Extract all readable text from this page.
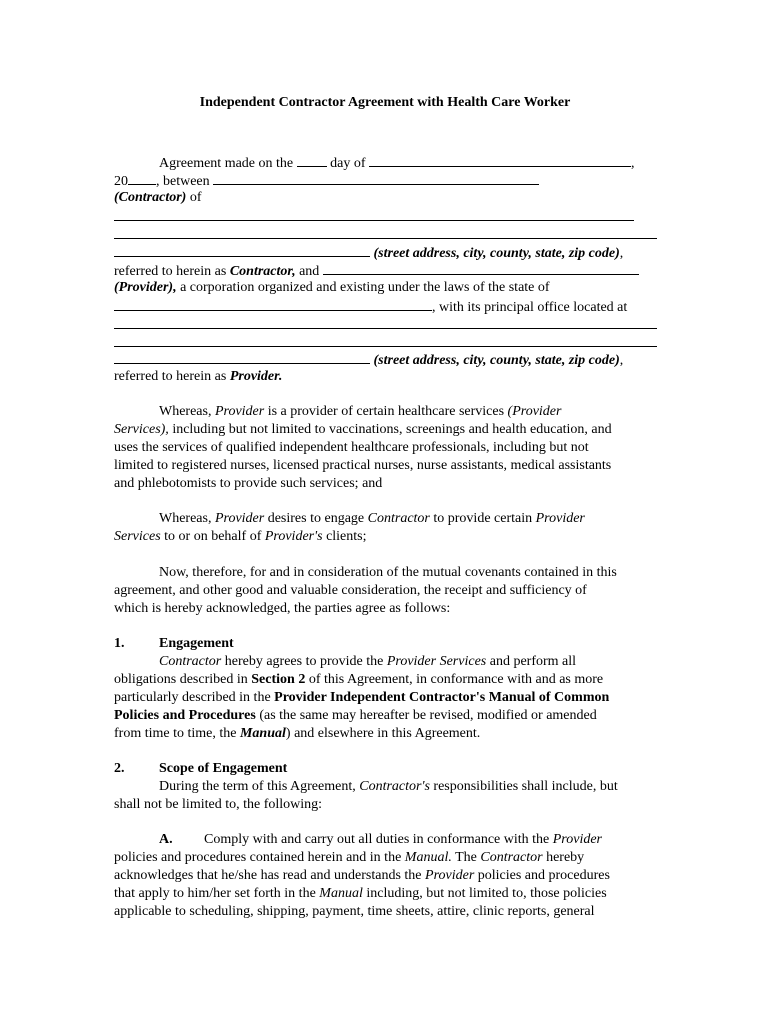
Independent Contractor Agreement with Health Care Worker
Agreement made on the	day of	,
20 , between
(Contractor) of
(street address, city, county, state, zip code),
referred to herein as Contractor, and
(Provider), a corporation organized and existing under the laws of the state of
, with its principal office located at
(street address, city, county, state, zip code),
referred to herein as Provider.
Whereas, Provider is a provider of certain healthcare services (Provider
Services), including but not limited to vaccinations, screenings and health education, and
uses the services of qualified independent healthcare professionals, including but not
limited to registered nurses, licensed practical nurses, nurse assistants, medical assistants
and phlebotomists to provide such services; and
Whereas, Provider desires to engage Contractor to provide certain Provider
Services to or on behalf of Provider's clients;
Now, therefore, for and in consideration of the mutual covenants contained in this
agreement, and other good and valuable consideration, the receipt and sufficiency of
which is hereby acknowledged, the parties agree as follows:
1. Engagement
Contractor hereby agrees to provide the Provider Services and perform all
obligations described in Section 2 of this Agreement, in conformance with and as more
particularly described in the Provider Independent Contractor's Manual of Common
Policies and Procedures (as the same may hereafter be revised, modified or amended
from time to time, the Manual) and elsewhere in this Agreement.
2. Scope of Engagement
During the term of this Agreement, Contractor's responsibilities shall include, but
shall not be limited to, the following:
A. Comply with and carry out all duties in conformance with the Provider
policies and procedures contained herein and in the Manual. The Contractor hereby
acknowledges that he/she has read and understands the Provider policies and procedures
that apply to him/her set forth in the Manual including, but not limited to, those policies
applicable to scheduling, shipping, payment, time sheets, attire, clinic reports, general
